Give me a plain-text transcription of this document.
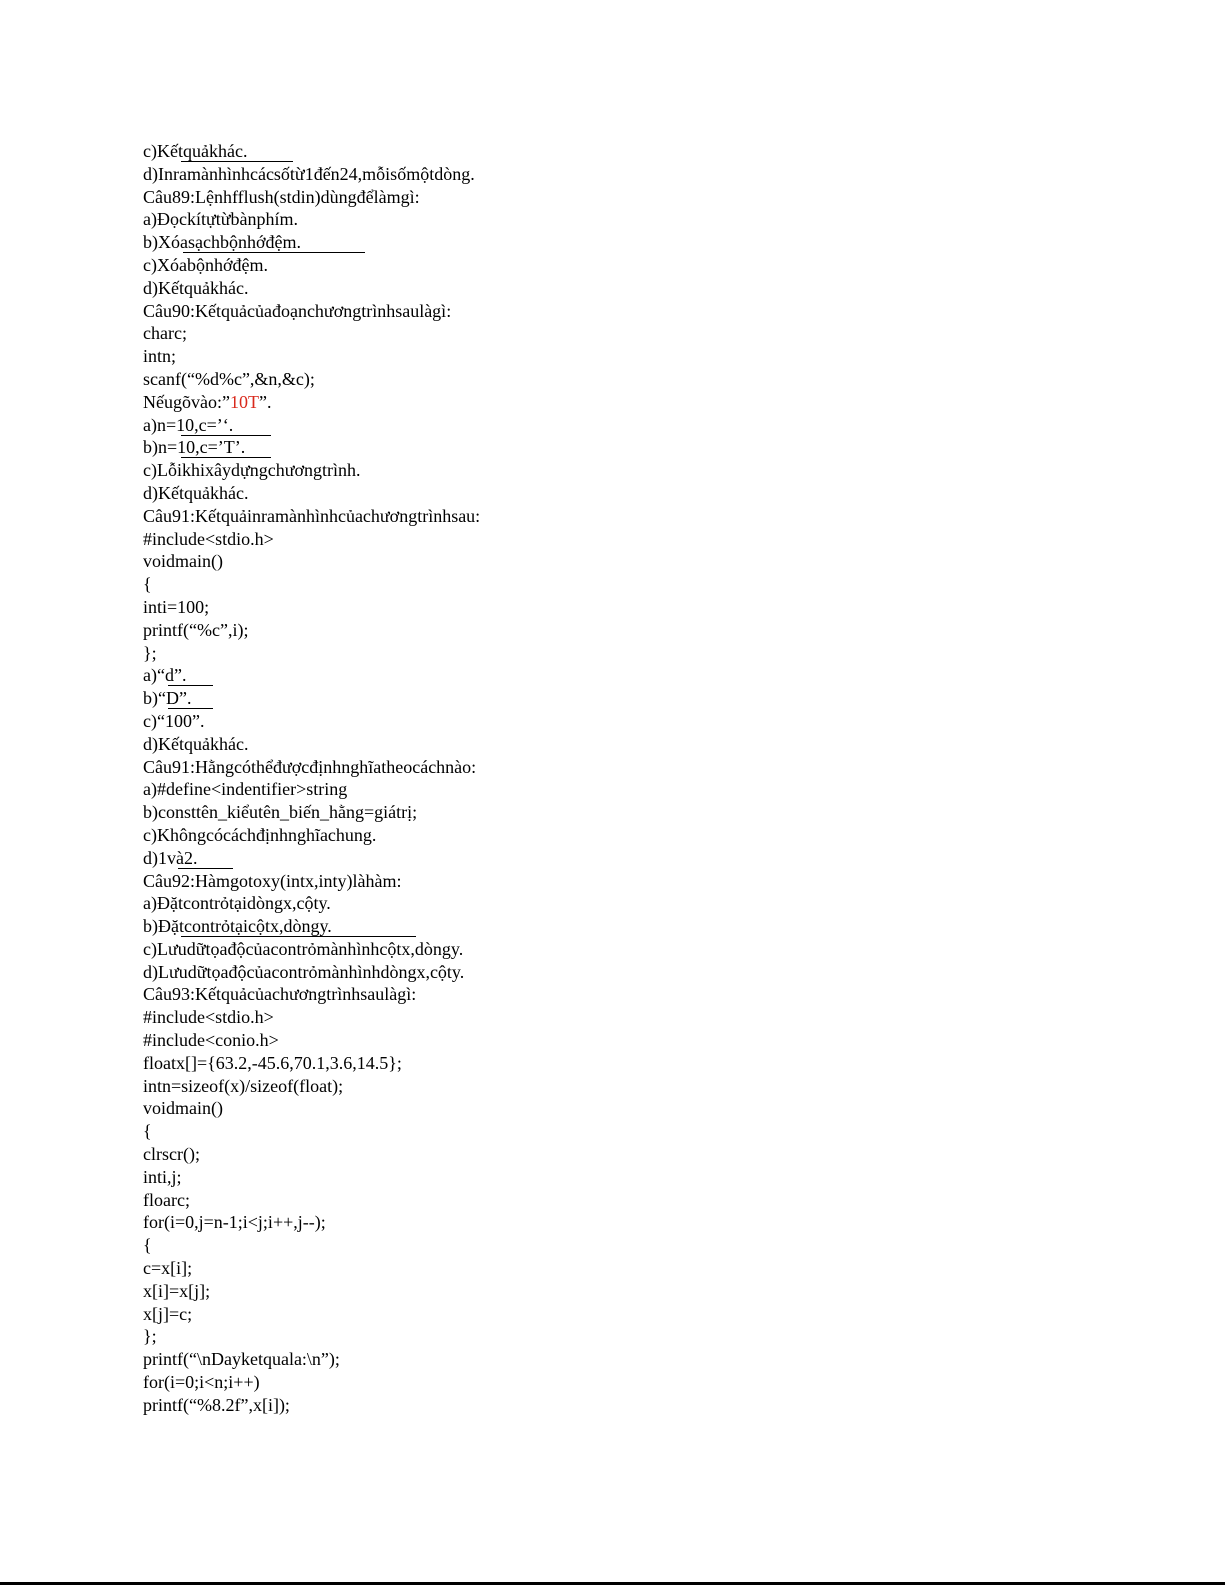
c)Kếtquảkhác.
d)Inramànhìnhcácsốtừ1đến24,mỗisốmộtdòng.
Câu89:Lệnhfflush(stdin)dùngđểlàmgì:
a)Đọckítựtừbànphím.
b)Xóasạchbộnhớđệm.
c)Xóabộnhớđệm.
d)Kếtquảkhác.
Câu90:Kếtquảcủađoạnchươngtrìnhsaulàgì:
charc;
intn;
scanf(“%d%c”,&n,&c);
Nếugõvào:”10T”.
a)n=10,c=’‘.
b)n=10,c=’T’.
c)Lỗikhixâydựngchươngtrình.
d)Kếtquảkhác.
Câu91:Kếtquảinramànhìnhcủachươngtrìnhsau:
#include<stdio.h>
voidmain()
{
inti=100;
printf(“%c”,i);
};
a)“d”.
b)“D”.
c)“100”.
d)Kếtquảkhác.
Câu91:Hằngcóthểđượcđịnhnghĩatheocáchnào:
a)#define<indentifier>string
b)consttên_kiểutên_biến_hằng=giátrị;
c)Khôngcócáchđịnhnghĩachung.
d)1và2.
Câu92:Hàmgotoxy(intx,inty)làhàm:
a)Đặtcontrỏtạidòngx,cộty.
b)Đặtcontrỏtạicộtx,dòngy.
c)Lưudữtọađộcủacontrỏmànhìnhcộtx,dòngy.
d)Lưudữtọađộcủacontrỏmànhìnhdòngx,cộty.
Câu93:Kếtquảcủachươngtrìnhsaulàgì:
#include<stdio.h>
#include<conio.h>
floatx[]={63.2,-45.6,70.1,3.6,14.5};
intn=sizeof(x)/sizeof(float);
voidmain()
{
clrscr();
inti,j;
floarc;
for(i=0,j=n-1;i<j;i++,j--);
{
c=x[i];
x[i]=x[j];
x[j]=c;
};
printf(“\nDayketquala:\n”);
for(i=0;i<n;i++)
printf(“%8.2f”,x[i]);
